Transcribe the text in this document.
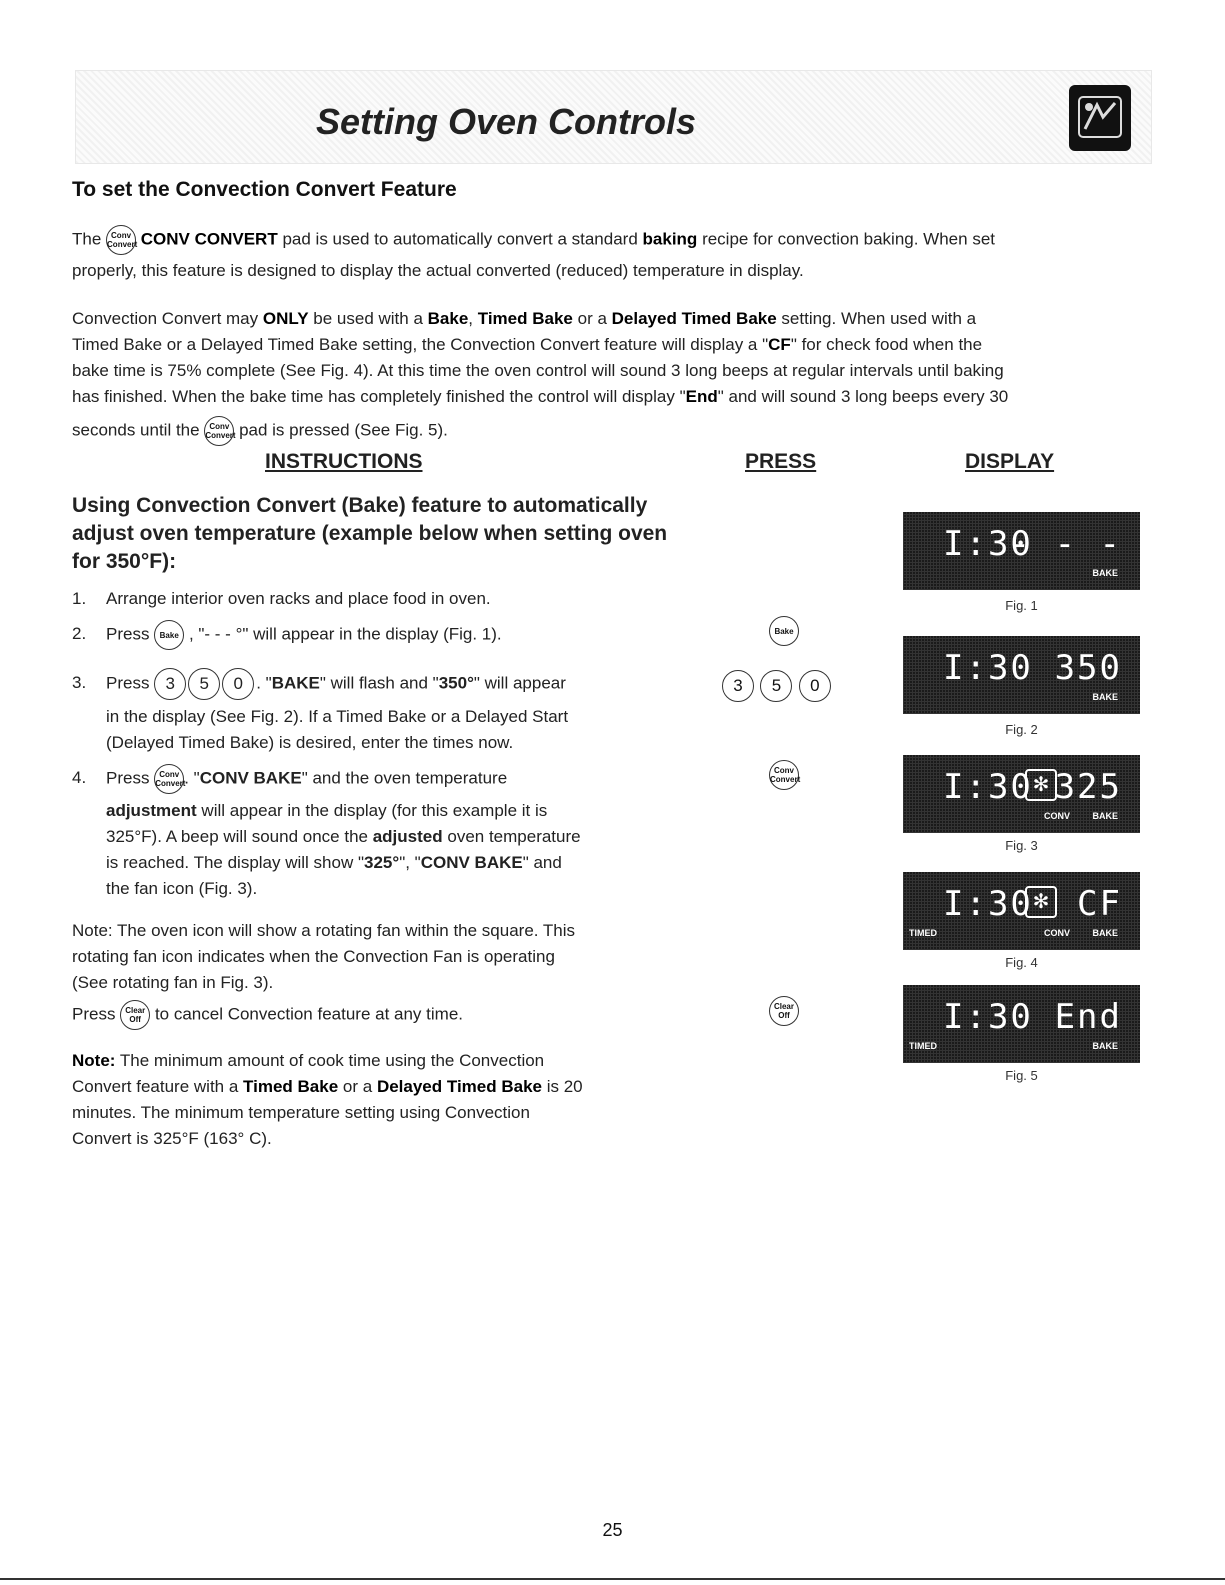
Setting Oven Controls
To set the Convection Convert Feature
The Conv
Convert CONV CONVERT pad is used to automatically convert a standard baking recipe for convection baking. When set
properly, this feature is designed to display the actual converted (reduced) temperature in display.
Convection Convert may ONLY be used with a Bake, Timed Bake or a Delayed Timed Bake setting. When used with a
Timed Bake or a Delayed Timed Bake setting, the Convection Convert feature will display a "CF" for check food when the
bake time is 75% complete (See Fig. 4). At this time the oven control will sound 3 long beeps at regular intervals until baking
has finished. When the bake time has completely finished the control will display "End" and will sound 3 long beeps every 30
seconds until the Conv
Convert pad is pressed (See Fig. 5).
INSTRUCTIONS	PRESS	DISPLAY
Using Convection Convert (Bake) feature to automatically adjust oven temperature (example below when setting oven for 350°F):
1. Arrange interior oven racks and place food in oven.
2. Press Bake , "- - - °" will appear in the display (Fig. 1).
3. Press 3 5 0 . "BAKE" will flash and "350°" will appear
in the display (See Fig. 2). If a Timed Bake or a Delayed Start
(Delayed Timed Bake) is desired, enter the times now.
4. Press Conv
Convert. "CONV BAKE" and the oven temperature
adjustment will appear in the display (for this example it is
325°F). A beep will sound once the adjusted oven temperature
is reached. The display will show "325°", "CONV BAKE" and
the fan icon (Fig. 3).
Note: The oven icon will show a rotating fan within the square. This
rotating fan icon indicates when the Convection Fan is operating
(See rotating fan in Fig. 3).
Press Clear
Off to cancel Convection feature at any time.
Note: The minimum amount of cook time using the Convection
Convert feature with a Timed Bake or a Delayed Timed Bake is 20
minutes. The minimum temperature setting using Convection
Convert is 325°F (163° C).
Bake
3 5 0
Conv
Convert
Clear
Off
I:30
- - -
BAKE
Fig. 1
I:30 350
BAKE
Fig. 2
I:30 ✻ 325
CONV BAKE
Fig. 3
I:30 ✻ CF
TIMED	CONV BAKE
Fig. 4
I:30 End
TIMED	BAKE
Fig. 5
25
